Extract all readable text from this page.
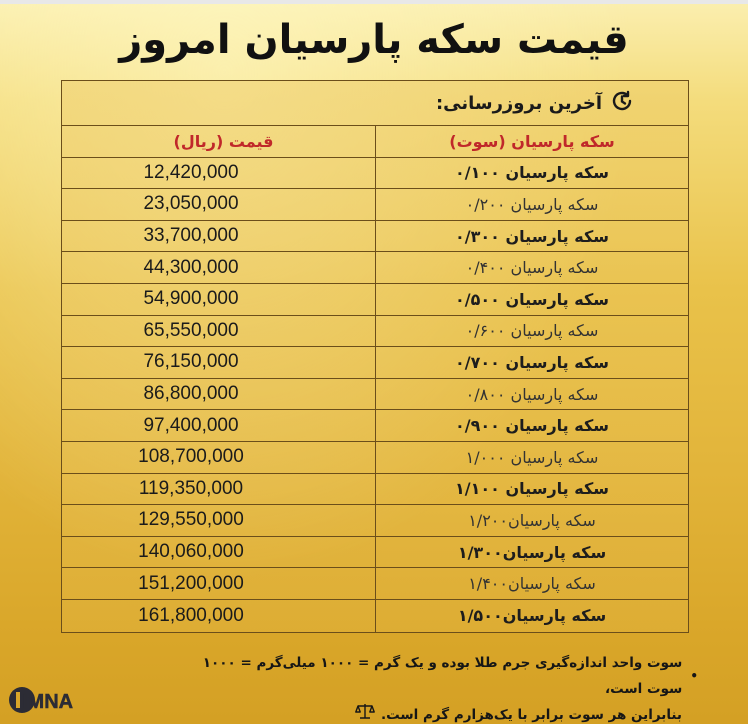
قیمت سکه پارسیان امروز
آخرین بروزرسانی:
سکه پارسیان (سوت)
قیمت (ریال)
سکه پارسیان ۰/۱۰۰
12,420,000
سکه پارسیان ۰/۲۰۰
23,050,000
سکه پارسیان ۰/۳۰۰
33,700,000
سکه پارسیان ۰/۴۰۰
44,300,000
سکه پارسیان ۰/۵۰۰
54,900,000
سکه پارسیان ۰/۶۰۰
65,550,000
سکه پارسیان ۰/۷۰۰
76,150,000
سکه پارسیان ۰/۸۰۰
86,800,000
سکه پارسیان ۰/۹۰۰
97,400,000
سکه پارسیان ۱/۰۰۰
108,700,000
سکه پارسیان ۱/۱۰۰
119,350,000
سکه پارسیان۱/۲۰۰
129,550,000
سکه پارسیان۱/۳۰۰
140,060,000
سکه پارسیان۱/۴۰۰
151,200,000
سکه پارسیان۱/۵۰۰
161,800,000
•
سوت واحد اندازه‌گیری جرم طلا بوده و یک گرم = ۱۰۰۰ میلی‌گرم = ۱۰۰۰ سوت است،
بنابراین هر سوت برابر با یک‌هزارم گرم است.
IMNA
